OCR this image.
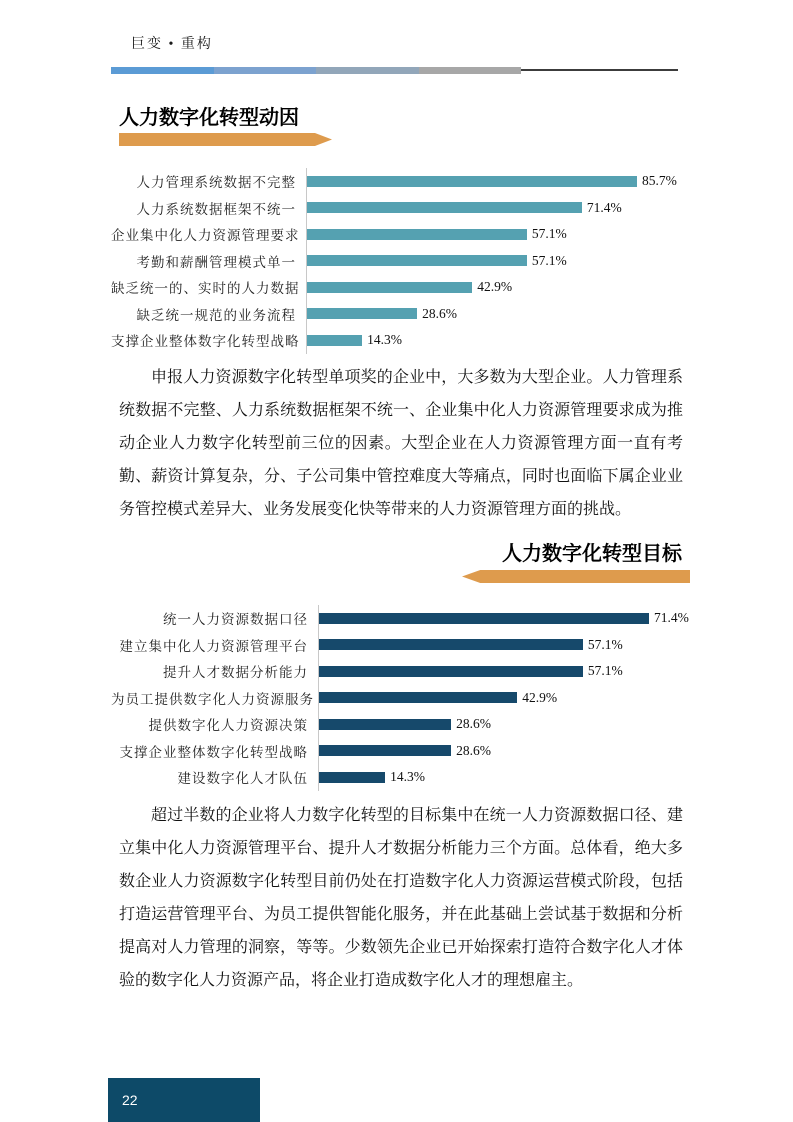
巨变 • 重构
人力数字化转型动因
人力管理系统数据不完整	85.7%
人力系统数据框架不统一	71.4%
企业集中化人力资源管理要求	57.1%
考勤和薪酬管理模式单一	57.1%
缺乏统一的、实时的人力数据	42.9%
缺乏统一规范的业务流程	28.6%
支撑企业整体数字化转型战略	14.3%

申报人力资源数字化转型单项奖的企业中，大多数为大型企业。人力管理系统数据不完整、人力系统数据框架不统一、企业集中化人力资源管理要求成为推动企业人力数字化转型前三位的因素。大型企业在人力资源管理方面一直有考勤、薪资计算复杂，分、子公司集中管控难度大等痛点，同时也面临下属企业业务管控模式差异大、业务发展变化快等带来的人力资源管理方面的挑战。

人力数字化转型目标
统一人力资源数据口径	71.4%
建立集中化人力资源管理平台	57.1%
提升人才数据分析能力	57.1%
为员工提供数字化人力资源服务	42.9%
提供数字化人力资源决策	28.6%
支撑企业整体数字化转型战略	28.6%
建设数字化人才队伍	14.3%

超过半数的企业将人力数字化转型的目标集中在统一人力资源数据口径、建立集中化人力资源管理平台、提升人才数据分析能力三个方面。总体看，绝大多数企业人力资源数字化转型目前仍处在打造数字化人力资源运营模式阶段，包括打造运营管理平台、为员工提供智能化服务，并在此基础上尝试基于数据和分析提高对人力管理的洞察，等等。少数领先企业已开始探索打造符合数字化人才体验的数字化人力资源产品，将企业打造成数字化人才的理想雇主。

22
